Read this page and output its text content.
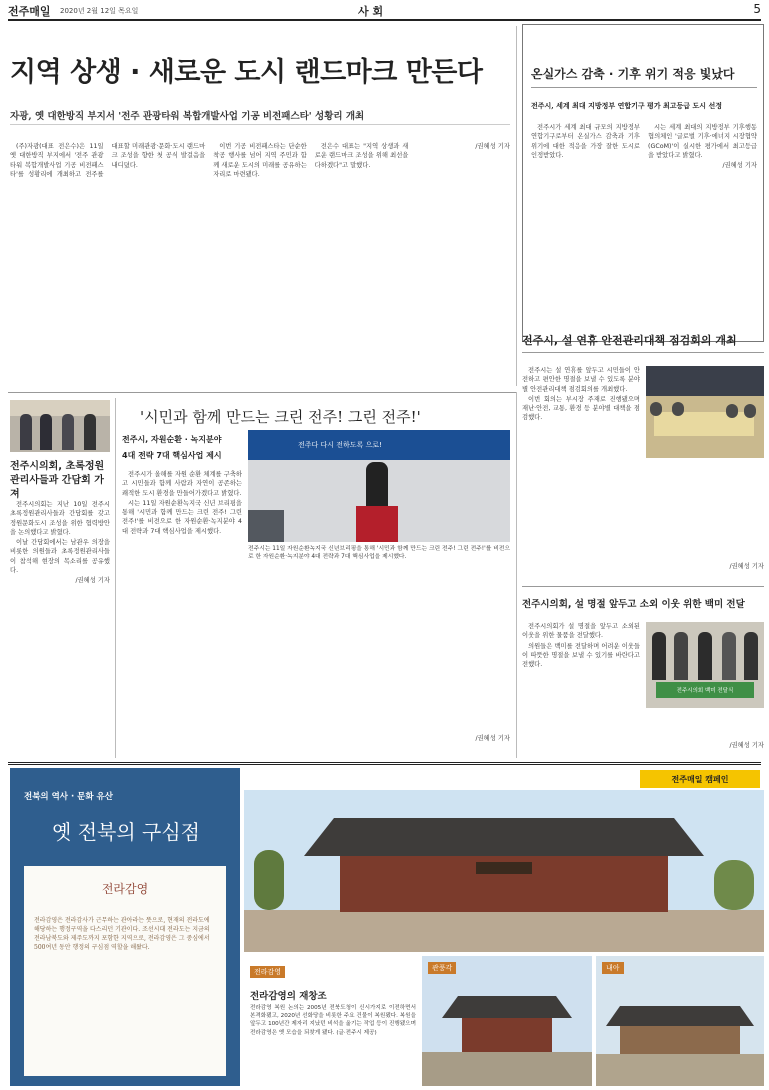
전주매일 2020년 2월 12일 목요일	사 회	5
지역 상생 · 새로운 도시 랜드마크 만든다
자광, 옛 대한방직 부지서 '전주 관광타워 복합개발사업 기공 비전패스타' 성황리 개최

(주)자광(대표 전은수)은 11일 옛 대한방직 부지에서 '전주 관광타워 복합개발사업 기공 비전패스타'를 성황리에 개최하고 전주를 대표할 미래관광·문화·도시 랜드마크 조성을 향한 첫 공식 발걸음을 내디뎠다.

이번 기공 비전패스타는 단순한 착공 행사를 넘어 지역 주민과 함께 새로운 도시의 미래를 공유하는 자리로 마련됐다.

전은수 대표는 "지역 상생과 새로운 랜드마크 조성을 위해 최선을 다하겠다"고 말했다.

/권혜성 기자

온실가스 감축 · 기후 위기 적응 빛났다
전주시, 세계 최대 지방정부 연합기구 평가 최고등급 도시 선정

전주시가 세계 최대 규모의 지방정부 연합기구로부터 온실가스 감축과 기후 위기에 대한 적응을 가장 잘한 도시로 인정받았다.

시는 세계 최대의 지방정부 기후행동 협의체인 '글로벌 기후·에너지 시장협약(GCoM)'이 실시한 평가에서 최고등급을 받았다고 밝혔다.

/권혜성 기자

전주시, 설 연휴 안전관리대책 점검회의 개최

전주시는 설 연휴를 앞두고 시민들이 안전하고 편안한 명절을 보낼 수 있도록 분야별 안전관리대책 점검회의를 개최했다.

이번 회의는 부시장 주재로 진행됐으며 재난·안전, 교통, 환경 등 분야별 대책을 점검했다.

/권혜성 기자

전주시의회, 초록정원 관리사들과 간담회 가져

전주시의회는 지난 10일 전주시 초록정원관리사들과 간담회를 갖고 정원문화도시 조성을 위한 협력방안을 논의했다고 밝혔다.

이날 간담회에서는 남관우 의장을 비롯한 의원들과 초록정원관리사들이 참석해 현장의 목소리를 공유했다.

/권혜성 기자

'시민과 함께 만드는 크린 전주! 그린 전주!'
전주시, 자원순환 · 녹지분야
4대 전략 7대 핵심사업 제시

전주시가 올해를 자원 순환 체계를 구축하고 시민들과 함께 사람과 자연이 공존하는 쾌적한 도시 환경을 만들어가겠다고 밝혔다.

시는 11일 자원순환녹지국 신년 브리핑을 통해 '시민과 함께 만드는 크린 전주! 그린 전주!'를 비전으로 한 자원순환·녹지분야 4대 전략과 7대 핵심사업을 제시했다.

전주다 다시 전하도록 으로!
전주시는 11일 자원순환녹지국 신년브리핑을 통해 '시민과 함께 만드는 크린 전주! 그린 전주!'를 비전으로 한 자원순환·녹지분야 4대 전략과 7대 핵심사업을 제시했다.

/권혜성 기자

전주시의회, 설 명절 앞두고 소외 이웃 위한 백미 전달

전주시의회가 설 명절을 앞두고 소외된 이웃을 위한 물품을 전달했다.

의원들은 백미를 전달하며 어려운 이웃들이 따뜻한 명절을 보낼 수 있기를 바란다고 전했다.

전주시의회 백미 전달식
/권혜성 기자
전북의 역사 · 문화 유산
옛 전북의 구심점
전라감영
전라감영은 전라감사가 근무하는 관아라는 뜻으로, 현재의 전라도에 해당하는 행정구역을 다스리던 기관이다. 조선시대 전라도는 지금의 전라남북도와 제주도까지 포함한 지역으로, 전라감영은 그 중심에서 500여년 동안 행정의 구심점 역할을 해왔다.
전주매일 캠페인
전라감영
전라감영의 재창조
전라감영 복원 논의는 2005년 전북도청이 신시가지로 이전하면서 본격화됐고, 2020년 선화당을 비롯한 주요 건물이 복원됐다. 복원을 앞두고 100년간 제자리 지났던 비석을 옮기는 작업 등이 진행됐으며 전라감영은 옛 모습을 되찾게 됐다. (글·전주시 제공)
관풍각	내아
